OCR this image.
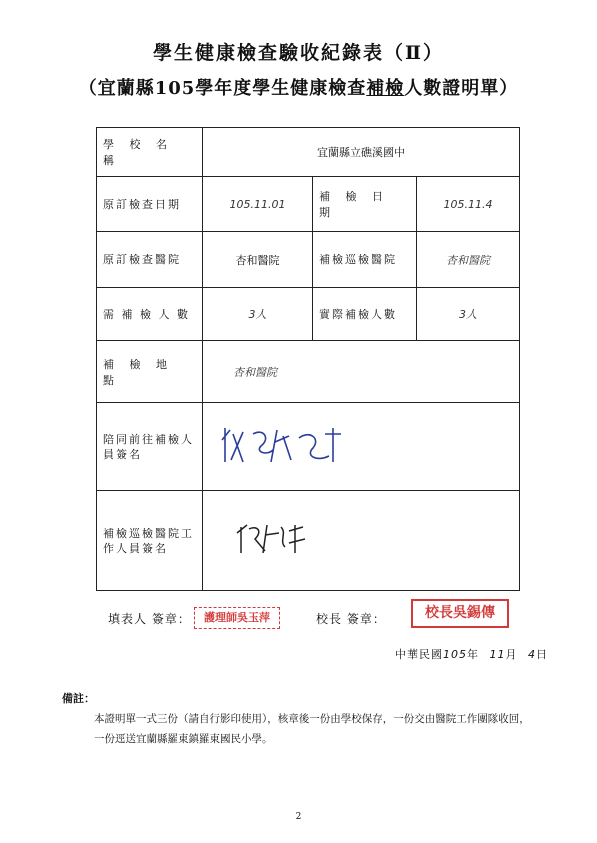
學生健康檢查驗收紀錄表（Ⅱ）
（宜蘭縣105學年度學生健康檢查補檢人數證明單）
學 校 名 稱	宜蘭縣立礁溪國中		
原訂檢查日期	105.11.01	補 檢 日 期	105.11.4
原訂檢查醫院	杏和醫院	補檢巡檢醫院	杏和醫院
需 補 檢 人 數	3人	實際補檢人數	3人
補 檢 地 點	杏和醫院		
陪同前往補檢人員簽名	
補檢巡檢醫院工作人員簽名	
填表人 簽章：	護理師吳玉萍	校長 簽章：	校長吳錫傳
中華民國105年 11月 4日
備註：
本證明單一式三份（請自行影印使用），核章後一份由學校保存，一份交由醫院工作團隊收回，一份逕送宜蘭縣羅東鎮羅東國民小學。
2
